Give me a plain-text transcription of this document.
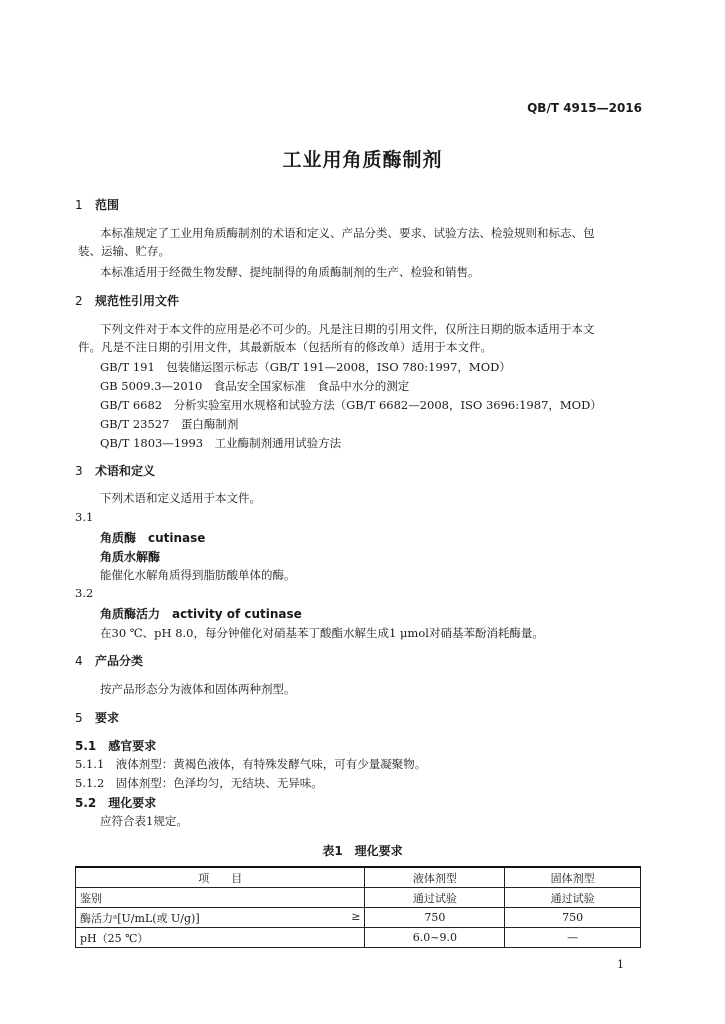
QB/T 4915—2016
工业用角质酶制剂
1 范围
本标准规定了工业用角质酶制剂的术语和定义、产品分类、要求、试验方法、检验规则和标志、包
装、运输、贮存。
本标准适用于经微生物发酵、提纯制得的角质酶制剂的生产、检验和销售。
2 规范性引用文件
下列文件对于本文件的应用是必不可少的。凡是注日期的引用文件，仅所注日期的版本适用于本文
件。凡是不注日期的引用文件，其最新版本（包括所有的修改单）适用于本文件。
GB/T 191　包装储运图示标志（GB/T 191—2008，ISO 780:1997，MOD）
GB 5009.3—2010　食品安全国家标准　食品中水分的测定
GB/T 6682　分析实验室用水规格和试验方法（GB/T 6682—2008，ISO 3696:1987，MOD）
GB/T 23527　蛋白酶制剂
QB/T 1803—1993　工业酶制剂通用试验方法
3 术语和定义
下列术语和定义适用于本文件。
3.1
角质酶　cutinase
角质水解酶
能催化水解角质得到脂肪酸单体的酶。
3.2
角质酶活力　activity of cutinase
在30 ℃、pH 8.0，每分钟催化对硝基苯丁酸酯水解生成1 μmol对硝基苯酚消耗酶量。
4 产品分类
按产品形态分为液体和固体两种剂型。
5 要求
5.1　感官要求
5.1.1　液体剂型：黄褐色液体，有特殊发酵气味，可有少量凝聚物。
5.1.2　固体剂型：色泽均匀，无结块、无异味。
5.2　理化要求
应符合表1规定。
表1　理化要求
项　　目	液体剂型	固体剂型
鉴别	通过试验	通过试验
酶活力ᵃ[U/mL(或 U/g)] ≥	750	750
pH（25 ℃）	6.0~9.0	—
1
